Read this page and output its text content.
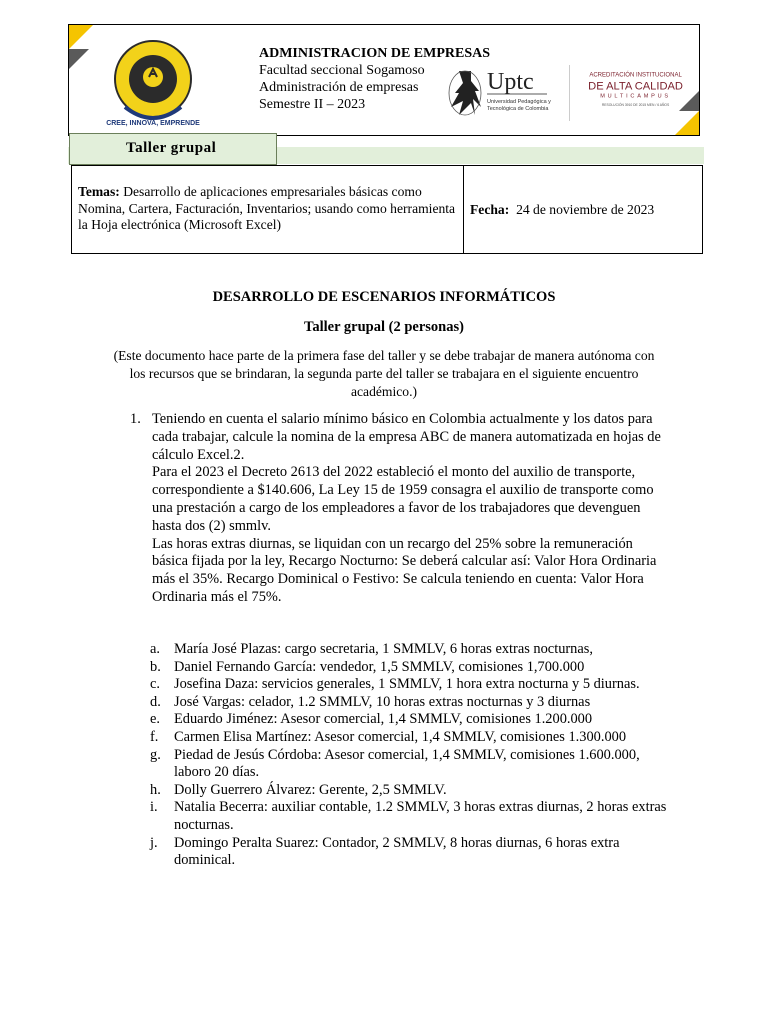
CREE, INNOVA, EMPRENDE
ADMINISTRACION DE EMPRESAS
Facultad seccional Sogamoso
Administración de empresas
Semestre II – 2023
Uptc
Universidad Pedagógica y
Tecnológica de Colombia
ACREDITACIÓN INSTITUCIONAL
DE ALTA CALIDAD
MULTICAMPUS
RESOLUCIÓN 3910 DE 2015 MEN / 6 AÑOS
Taller grupal
Temas: Desarrollo de aplicaciones empresariales básicas como Nomina, Cartera, Facturación, Inventarios; usando como herramienta la Hoja electrónica (Microsoft Excel)
Fecha: 24 de noviembre de 2023
DESARROLLO DE ESCENARIOS INFORMÁTICOS
Taller grupal (2 personas)
(Este documento hace parte de la primera fase del taller y se debe trabajar de manera autónoma con los recursos que se brindaran, la segunda parte del taller se trabajara en el siguiente encuentro académico.)
1. Teniendo en cuenta el salario mínimo básico en Colombia actualmente y los datos para cada trabajar, calcule la nomina de la empresa ABC de manera automatizada en hojas de cálculo Excel.2.
Para el 2023 el Decreto 2613 del 2022 estableció el monto del auxilio de transporte, correspondiente a $140.606, La Ley 15 de 1959 consagra el auxilio de transporte como una prestación a cargo de los empleadores a favor de los trabajadores que devenguen hasta dos (2) smmlv.
Las horas extras diurnas, se liquidan con un recargo del 25% sobre la remuneración básica fijada por la ley, Recargo Nocturno: Se deberá calcular así: Valor Hora Ordinaria más el 35%. Recargo Dominical o Festivo: Se calcula teniendo en cuenta: Valor Hora Ordinaria más el 75%.
a. María José Plazas: cargo secretaria, 1 SMMLV, 6 horas extras nocturnas,
b. Daniel Fernando García: vendedor, 1,5 SMMLV, comisiones 1,700.000
c. Josefina Daza: servicios generales, 1 SMMLV, 1 hora extra nocturna y 5 diurnas.
d. José Vargas: celador, 1.2 SMMLV, 10 horas extras nocturnas y 3 diurnas
e. Eduardo Jiménez: Asesor comercial, 1,4 SMMLV, comisiones 1.200.000
f. Carmen Elisa Martínez: Asesor comercial, 1,4 SMMLV, comisiones 1.300.000
g. Piedad de Jesús Córdoba: Asesor comercial, 1,4 SMMLV, comisiones 1.600.000, laboro 20 días.
h. Dolly Guerrero Álvarez: Gerente, 2,5 SMMLV.
i. Natalia Becerra: auxiliar contable, 1.2 SMMLV, 3 horas extras diurnas, 2 horas extras nocturnas.
j. Domingo Peralta Suarez: Contador, 2 SMMLV, 8 horas diurnas, 6 horas extra dominical.
